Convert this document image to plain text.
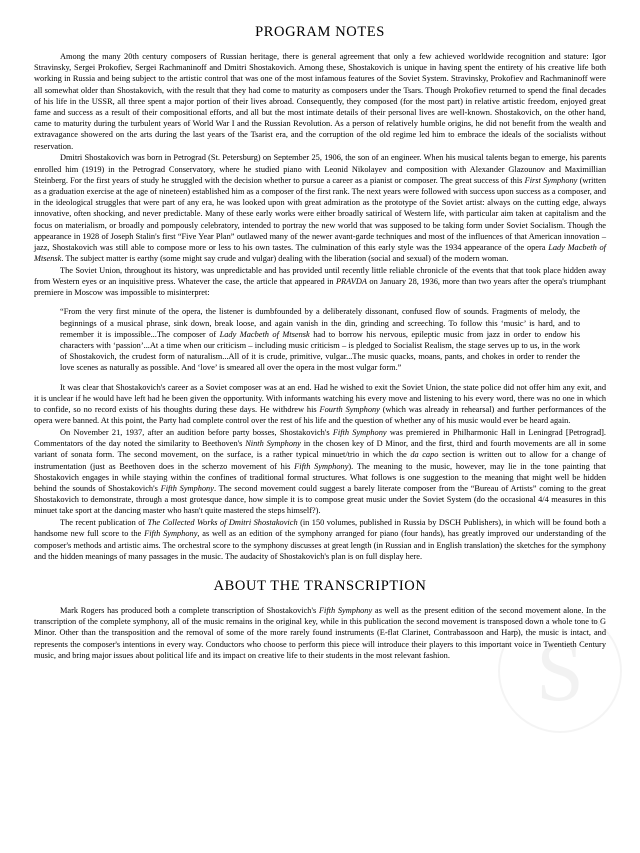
PROGRAM NOTES

Among the many 20th century composers of Russian heritage, there is general agreement that only a few achieved worldwide recognition and stature: Igor Stravinsky, Sergei Prokofiev, Sergei Rachmaninoff and Dmitri Shostakovich. Among these, Shostakovich is unique in having spent the entirety of his creative life both working in Russia and being subject to the artistic control that was one of the most infamous features of the Soviet System. Stravinsky, Prokofiev and Rachmaninoff were all somewhat older than Shostakovich, with the result that they had come to maturity as composers under the Tsars. Though Prokofiev returned to spend the final decades of his life in the USSR, all three spent a major portion of their lives abroad. Consequently, they composed (for the most part) in relative artistic freedom, enjoyed great fame and success as a result of their compositional efforts, and all but the most intimate details of their personal lives are well-known. Shostakovich, on the other hand, came to maturity during the turbulent years of World War I and the Russian Revolution. As a person of relatively humble origins, he did not benefit from the wealth and extravagance showered on the arts during the last years of the Tsarist era, and the corruption of the old regime led him to embrace the ideals of the socialists without reservation.

Dmitri Shostakovich was born in Petrograd (St. Petersburg) on September 25, 1906, the son of an engineer. When his musical talents began to emerge, his parents enrolled him (1919) in the Petrograd Conservatory, where he studied piano with Leonid Nikolayev and composition with Alexander Glazounov and Maximillian Steinberg. For the first years of study he struggled with the decision whether to pursue a career as a pianist or composer. The great success of this First Symphony (written as a graduation exercise at the age of nineteen) established him as a composer of the first rank. The next years were followed with success upon success as a composer, and in the ideological struggles that were part of any era, he was looked upon with great admiration as the prototype of the Soviet artist: always on the cutting edge, always innovative, often shocking, and never predictable. Many of these early works were either broadly satirical of Western life, with particular aim taken at capitalism and the focus on materialism, or broadly and pompously celebratory, intended to portray the new world that was supposed to be taking form under Soviet Socialism. Though the appearance in 1928 of Joseph Stalin's first “Five Year Plan” outlawed many of the newer avant-garde techniques and most of the influences of that American innovation – jazz, Shostakovich was still able to compose more or less to his own tastes. The culmination of this early style was the 1934 appearance of the opera Lady Macbeth of Mtsensk. The subject matter is earthy (some might say crude and vulgar) dealing with the liberation (social and sexual) of the modern woman.

The Soviet Union, throughout its history, was unpredictable and has provided until recently little reliable chronicle of the events that that took place hidden away from Western eyes or an inquisitive press. Whatever the case, the article that appeared in PRAVDA on January 28, 1936, more than two years after the opera's triumphant premiere in Moscow was impossible to misinterpret:

“From the very first minute of the opera, the listener is dumbfounded by a deliberately dissonant, confused flow of sounds. Fragments of melody, the beginnings of a musical phrase, sink down, break loose, and again vanish in the din, grinding and screeching. To follow this ‘music’ is hard, and to remember it is impossible...The composer of Lady Macbeth of Mtsensk had to borrow his nervous, epileptic music from jazz in order to endow his characters with ‘passion’...At a time when our criticism – including music criticism – is pledged to Socialist Realism, the stage serves up to us, in the work of Shostakovich, the crudest form of naturalism...All of it is crude, primitive, vulgar...The music quacks, moans, pants, and chokes in order to render the love scenes as naturally as possible. And ‘love’ is smeared all over the opera in the most vulgar form.”

It was clear that Shostakovich's career as a Soviet composer was at an end. Had he wished to exit the Soviet Union, the state police did not offer him any exit, and it is unclear if he would have left had he been given the opportunity. With informants watching his every move and listening to his every word, there was no one in which to confide, so no record exists of his thoughts during these days. He withdrew his Fourth Symphony (which was already in rehearsal) and further performances of the opera were banned. At this point, the Party had complete control over the rest of his life and the question of whether any of his music would ever be heard again.

On November 21, 1937, after an audition before party bosses, Shostakovich's Fifth Symphony was premiered in Philharmonic Hall in Leningrad [Petrograd]. Commentators of the day noted the similarity to Beethoven's Ninth Symphony in the chosen key of D Minor, and the first, third and fourth movements are all in some variant of sonata form. The second movement, on the surface, is a rather typical minuet/trio in which the da capo section is written out to allow for a change of instrumentation (just as Beethoven does in the scherzo movement of his Fifth Symphony). The meaning to the music, however, may lie in the tone painting that Shostakovich engages in while staying within the confines of traditional formal structures. What follows is one suggestion to the meaning that might well be hidden behind the sounds of Shostakovich's Fifth Symphony. The second movement could suggest a barely literate composer from the “Bureau of Artists” coming to the great Shostakovich to demonstrate, through a most grotesque dance, how simple it is to compose great music under the Soviet System (do the occasional 4/4 measures in this minuet take sport at the dancing master who hasn't quite mastered the steps himself?).

The recent publication of The Collected Works of Dmitri Shostakovich (in 150 volumes, published in Russia by DSCH Publishers), in which will be found both a handsome new full score to the Fifth Symphony, as well as an edition of the symphony arranged for piano (four hands), has greatly improved our understanding of the composer's methods and artistic aims. The orchestral score to the symphony discusses at great length (in Russian and in English translation) the sketches for the symphony and the hidden meanings of many passages in the music. The audacity of Shostakovich's plan is on full display here.

ABOUT THE TRANSCRIPTION

Mark Rogers has produced both a complete transcription of Shostakovich's Fifth Symphony as well as the present edition of the second movement alone. In the transcription of the complete symphony, all of the music remains in the original key, while in this publication the second movement is transposed down a whole tone to G Minor. Other than the transposition and the removal of some of the more rarely found instruments (E-flat Clarinet, Contrabassoon and Harp), the music is intact, and represents the composer's intentions in every way. Conductors who choose to perform this piece will introduce their players to this important voice in Twentieth Century music, and bring major issues about political life and its impact on creative life to their students in the most relevant fashion.	S
